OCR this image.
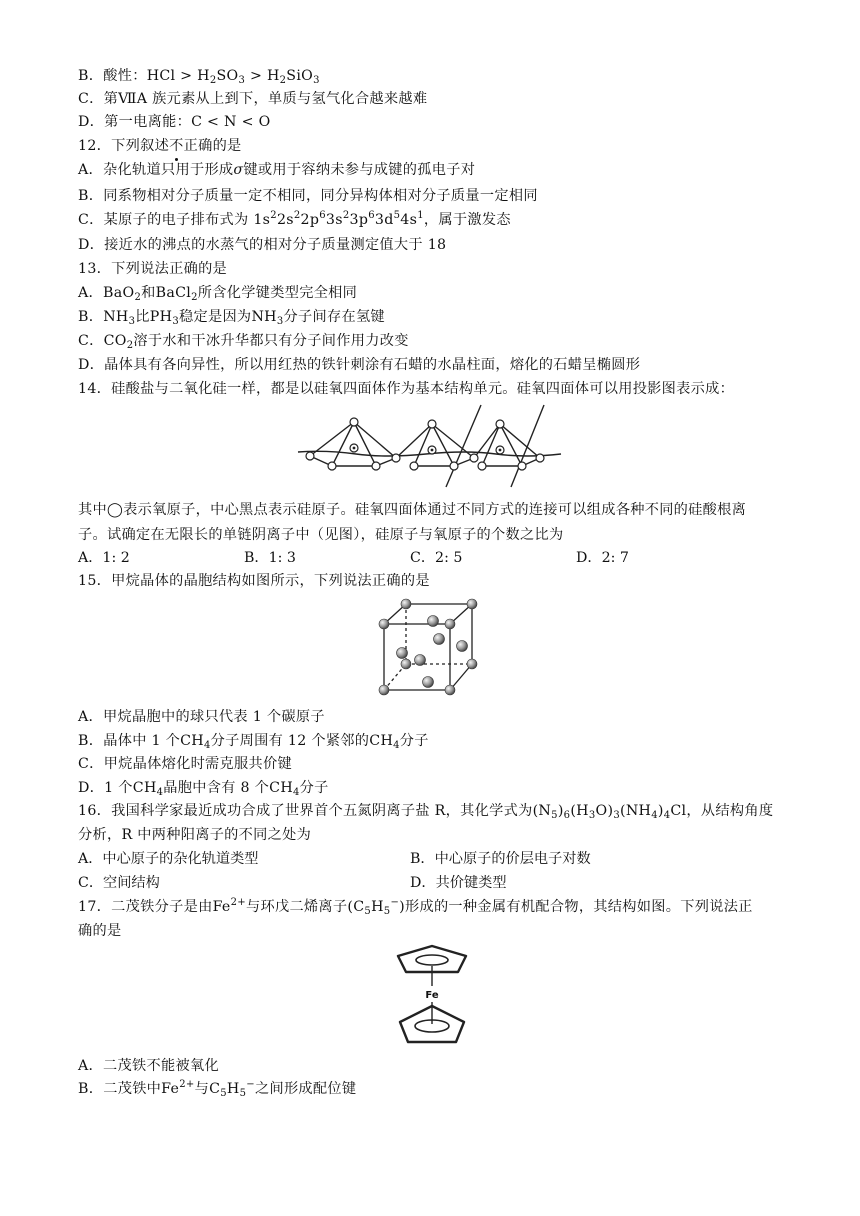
B．酸性：HCl > $H_2SO_3 > H_2SiO_3$
C．第ⅦA 族元素从上到下，单质与氢气化合越来越难
D．第一电离能：C < N < O
12．下列叙述不正确的是
A．杂化轨道只用于形成σ键或用于容纳未参与成键的孤电子对
B．同系物相对分子质量一定不相同，同分异构体相对分子质量一定相同
C．某原子的电子排布式为 $1s^22s^22p^63s^23p^63d^54s^1$，属于激发态
D．接近水的沸点的水蒸气的相对分子质量测定值大于 18
13．下列说法正确的是
A．BaO$_2$和BaCl$_2$所含化学键类型完全相同
B．$NH_3$比$PH_3$稳定是因为$NH_3$分子间存在氢键
C．$CO_2$溶于水和干冰升华都只有分子间作用力改变
D．晶体具有各向异性，所以用红热的铁针刺涂有石蜡的水晶柱面，熔化的石蜡呈椭圆形
14．硅酸盐与二氧化硅一样，都是以硅氧四面体作为基本结构单元。硅氧四面体可以用投影图表示成：
其中◯表示氧原子，中心黑点表示硅原子。硅氧四面体通过不同方式的连接可以组成各种不同的硅酸根离
子。试确定在无限长的单链阴离子中（见图），硅原子与氧原子的个数之比为
A．1: 2	B．1: 3	C．2: 5	D．2: 7
15．甲烷晶体的晶胞结构如图所示，下列说法正确的是
A．甲烷晶胞中的球只代表 1 个碳原子
B．晶体中 1 个$CH_4$分子周围有 12 个紧邻的$CH_4$分子
C．甲烷晶体熔化时需克服共价键
D．1 个$CH_4$晶胞中含有 8 个$CH_4$分子
16．我国科学家最近成功合成了世界首个五氮阴离子盐 R，其化学式为$(N_5)_6(H_3O)_3(NH_4)_4Cl$，从结构角度
分析，R 中两种阳离子的不同之处为
A．中心原子的杂化轨道类型	B．中心原子的价层电子对数
C．空间结构	D．共价键类型
17．二茂铁分子是由$Fe^{2+}$与环戊二烯离子$(C_5H_5^-)$形成的一种金属有机配合物，其结构如图。下列说法正
确的是
Fe
A．二茂铁不能被氧化
B．二茂铁中$Fe^{2+}$与$C_5H_5^-$之间形成配位键
